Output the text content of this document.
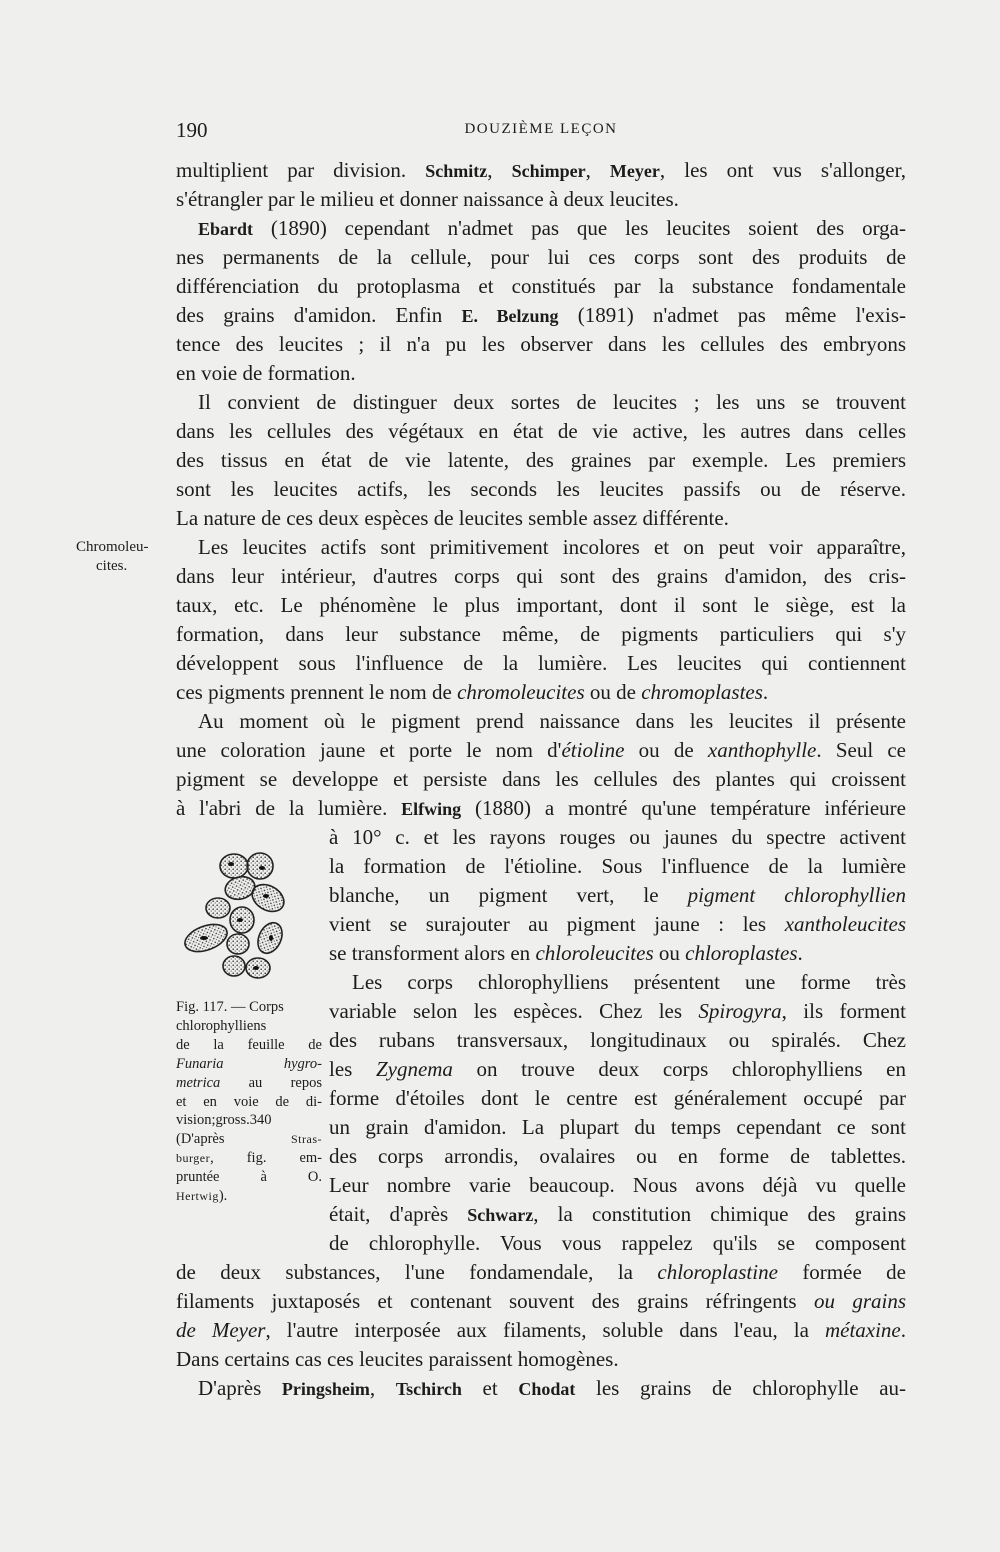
190	DOUZIÈME LEÇON
Chromoleu-
cites.
multiplient par division. Schmitz, Schimper, Meyer, les ont vus s'allonger,
s'étrangler par le milieu et donner naissance à deux leucites.
Ebardt (1890) cependant n'admet pas que les leucites soient des orga-
nes permanents de la cellule, pour lui ces corps sont des produits de
différenciation du protoplasma et constitués par la substance fondamentale
des grains d'amidon. Enfin E. Belzung (1891) n'admet pas même l'exis-
tence des leucites ; il n'a pu les observer dans les cellules des embryons
en voie de formation.
Il convient de distinguer deux sortes de leucites ; les uns se trouvent
dans les cellules des végétaux en état de vie active, les autres dans celles
des tissus en état de vie latente, des graines par exemple. Les premiers
sont les leucites actifs, les seconds les leucites passifs ou de réserve.
La nature de ces deux espèces de leucites semble assez différente.
Les leucites actifs sont primitivement incolores et on peut voir apparaître,
dans leur intérieur, d'autres corps qui sont des grains d'amidon, des cris-
taux, etc. Le phénomène le plus important, dont il sont le siège, est la
formation, dans leur substance même, de pigments particuliers qui s'y
développent sous l'influence de la lumière. Les leucites qui contiennent
ces pigments prennent le nom de chromoleucites ou de chromoplastes.
Au moment où le pigment prend naissance dans les leucites il présente
une coloration jaune et porte le nom d'étioline ou de xanthophylle. Seul ce
pigment se developpe et persiste dans les cellules des plantes qui croissent
à l'abri de la lumière. Elfwing (1880) a montré qu'une température inférieure
à 10° c. et les rayons rouges ou jaunes du spectre activent
la formation de l'étioline. Sous l'influence de la lumière
blanche, un pigment vert, le pigment chlorophyllien
vient se surajouter au pigment jaune : les xantholeucites
se transforment alors en chloroleucites ou chloroplastes.
Les corps chlorophylliens présentent une forme très
variable selon les espèces. Chez les Spirogyra, ils forment
des rubans transversaux, longitudinaux ou spiralés. Chez
les Zygnema on trouve deux corps chlorophylliens en
forme d'étoiles dont le centre est généralement occupé par
un grain d'amidon. La plupart du temps cependant ce sont
des corps arrondis, ovalaires ou en forme de tablettes.
Leur nombre varie beaucoup. Nous avons déjà vu quelle
était, d'après Schwarz, la constitution chimique des grains
de chlorophylle. Vous vous rappelez qu'ils se composent
de deux substances, l'une fondamendale, la chloroplastine formée de
filaments juxtaposés et contenant souvent des grains réfringents ou grains
de Meyer, l'autre interposée aux filaments, soluble dans l'eau, la métaxine.
Dans certains cas ces leucites paraissent homogènes.
D'après Pringsheim, Tschirch et Chodat les grains de chlorophylle au-
Fig. 117. — Corps
chlorophylliens
de la feuille de
Funaria hygro-
metrica au repos
et en voie de di-
vision;gross.340
(D'après Stras-
burger, fig. em-
pruntée à O.
Hertwig).
